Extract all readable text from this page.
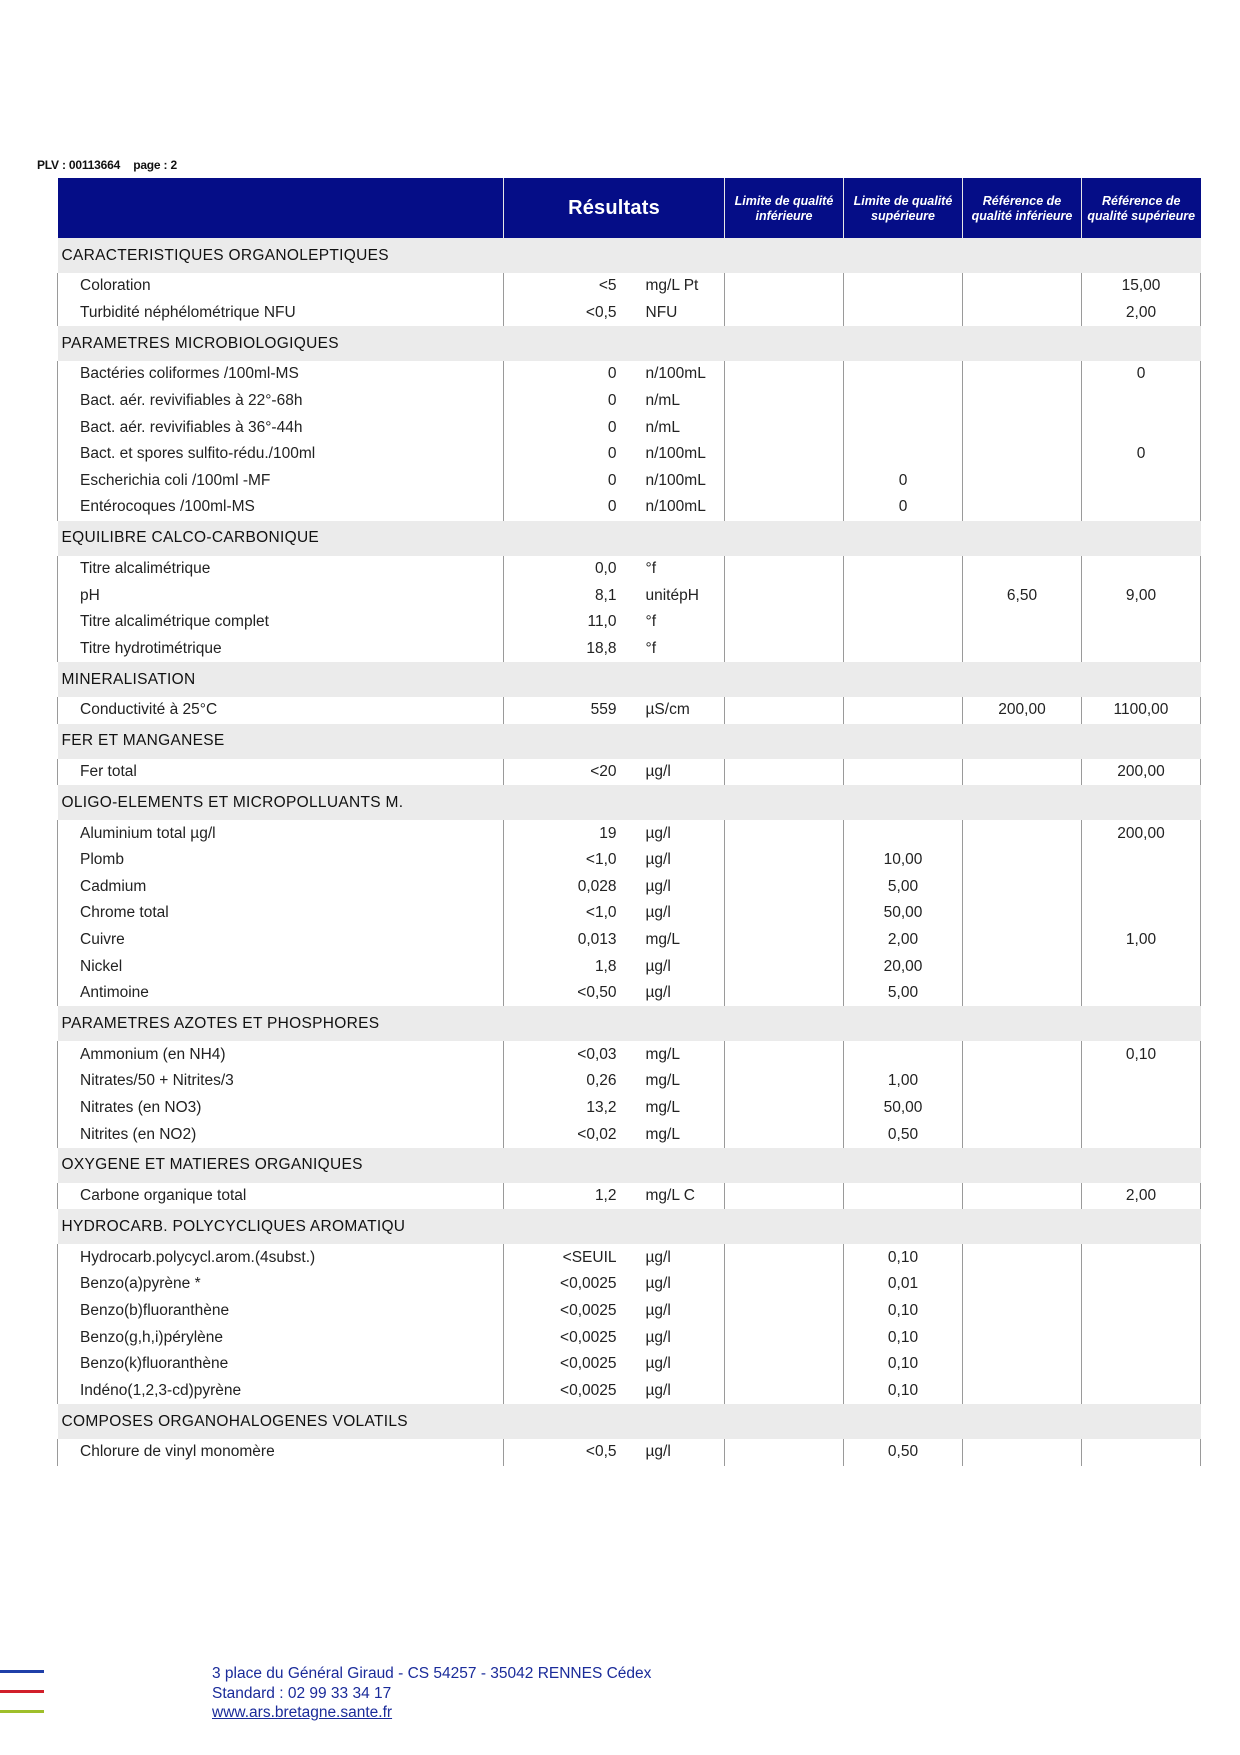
PLV : 00113664 page : 2
	Résultats		Limite de qualité inférieure	Limite de qualité supérieure	Référence de qualité inférieure	Référence de qualité supérieure
CARACTERISTIQUES ORGANOLEPTIQUES						
Coloration	<5	mg/L Pt				15,00
Turbidité néphélométrique NFU	<0,5	NFU				2,00
PARAMETRES MICROBIOLOGIQUES						
Bactéries coliformes /100ml-MS	0	n/100mL				0
Bact. aér. revivifiables à 22°-68h	0	n/mL				
Bact. aér. revivifiables à 36°-44h	0	n/mL				
Bact. et spores sulfito-rédu./100ml	0	n/100mL				0
Escherichia coli /100ml -MF	0	n/100mL		0		
Entérocoques /100ml-MS	0	n/100mL		0		
EQUILIBRE CALCO-CARBONIQUE						
Titre alcalimétrique	0,0	°f				
pH	8,1	unitépH			6,50	9,00
Titre alcalimétrique complet	11,0	°f				
Titre hydrotimétrique	18,8	°f				
MINERALISATION						
Conductivité à 25°C	559	µS/cm			200,00	1100,00
FER ET MANGANESE						
Fer total	<20	µg/l				200,00
OLIGO-ELEMENTS ET MICROPOLLUANTS M.						
Aluminium total µg/l	19	µg/l				200,00
Plomb	<1,0	µg/l		10,00		
Cadmium	0,028	µg/l		5,00		
Chrome total	<1,0	µg/l		50,00		
Cuivre	0,013	mg/L		2,00		1,00
Nickel	1,8	µg/l		20,00		
Antimoine	<0,50	µg/l		5,00		
PARAMETRES AZOTES ET PHOSPHORES						
Ammonium (en NH4)	<0,03	mg/L				0,10
Nitrates/50 + Nitrites/3	0,26	mg/L		1,00		
Nitrates (en NO3)	13,2	mg/L		50,00		
Nitrites (en NO2)	<0,02	mg/L		0,50		
OXYGENE ET MATIERES ORGANIQUES						
Carbone organique total	1,2	mg/L C				2,00
HYDROCARB. POLYCYCLIQUES AROMATIQU						
Hydrocarb.polycycl.arom.(4subst.)	<SEUIL	µg/l		0,10		
Benzo(a)pyrène *	<0,0025	µg/l		0,01		
Benzo(b)fluoranthène	<0,0025	µg/l		0,10		
Benzo(g,h,i)pérylène	<0,0025	µg/l		0,10		
Benzo(k)fluoranthène	<0,0025	µg/l		0,10		
Indéno(1,2,3-cd)pyrène	<0,0025	µg/l		0,10		
COMPOSES ORGANOHALOGENES VOLATILS						
Chlorure de vinyl monomère	<0,5	µg/l		0,50		
3 place du Général Giraud - CS 54257 - 35042 RENNES Cédex
Standard : 02 99 33 34 17
www.ars.bretagne.sante.fr
